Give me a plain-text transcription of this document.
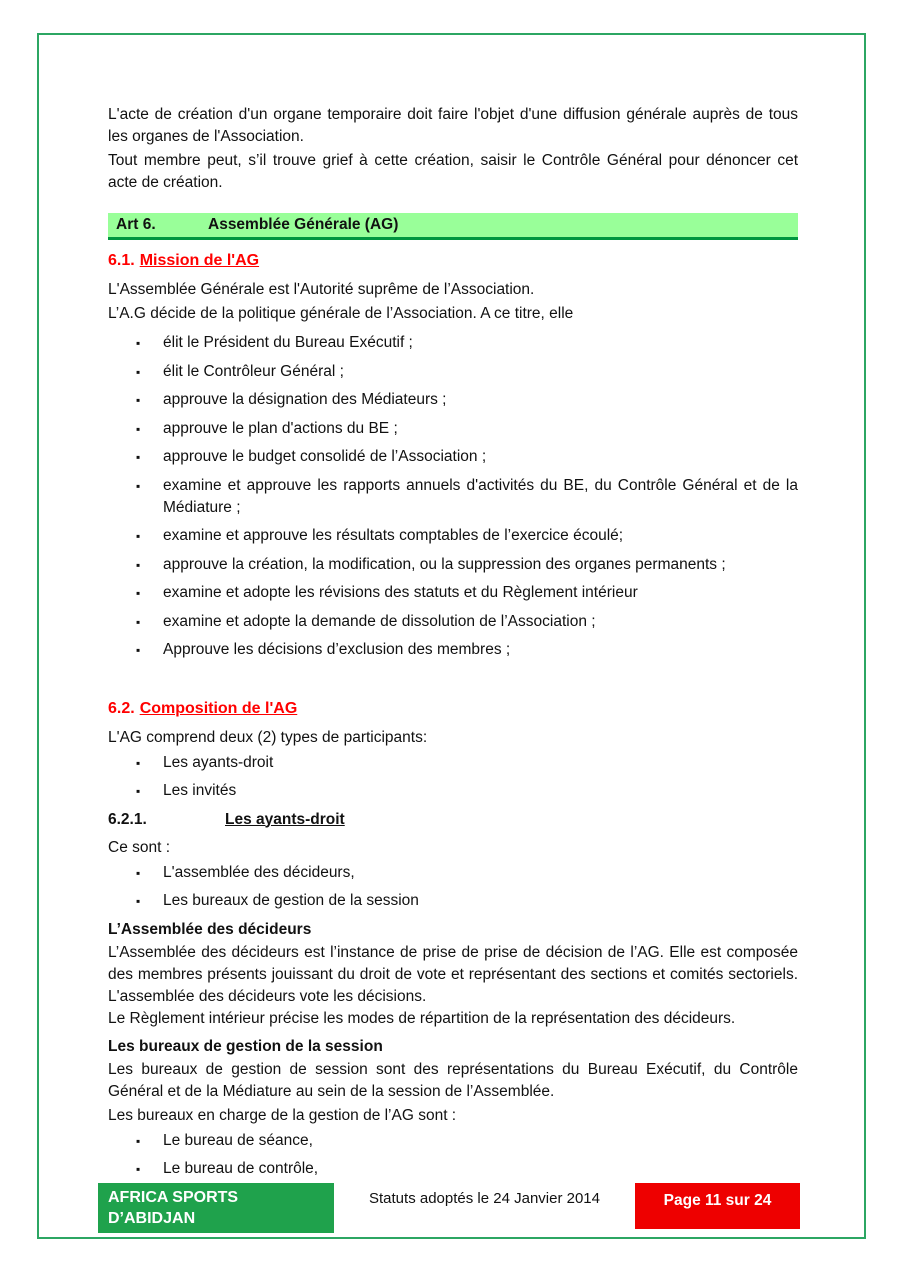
L'acte de création d'un organe temporaire doit faire l'objet d'une diffusion générale auprès de tous les organes de l'Association.

Tout membre peut, s’il trouve grief à cette création, saisir le Contrôle Général pour dénoncer cet acte de création.

Art 6.	Assemblée Générale (AG)
6.1. Mission de l'AG

L'Assemblée Générale est l'Autorité suprême de l’Association.

L’A.G décide de la politique générale de l’Association. A ce titre, elle

▪ élit le Président du Bureau Exécutif ;
▪ élit le Contrôleur Général ;
▪ approuve la désignation des Médiateurs ;
▪ approuve le plan d'actions du BE ;
▪ approuve le budget consolidé de l’Association ;
▪ examine et approuve les rapports annuels d'activités du BE, du Contrôle Général et de la Médiature ;
▪ examine et approuve les résultats comptables de l’exercice écoulé;
▪ approuve la création, la modification, ou la suppression des organes permanents ;
▪ examine et adopte les révisions des statuts et du Règlement intérieur
▪ examine et adopte la demande de dissolution de l’Association ;
▪ Approuve les décisions d’exclusion des membres ;
6.2. Composition de l'AG

L'AG comprend deux (2) types de participants:

▪ Les ayants-droit
▪ Les invités
6.2.1.	Les ayants-droit

Ce sont :

▪ L'assemblée des décideurs,
▪ Les bureaux de gestion de la session
L’Assemblée des décideurs

L’Assemblée des décideurs est l’instance de prise de prise de décision de l’AG. Elle est composée des membres présents jouissant du droit de vote et représentant des sections et comités sectoriels. L'assemblée des décideurs vote les décisions.

Le Règlement intérieur précise les modes de répartition de la représentation des décideurs.

Les bureaux de gestion de la session

Les bureaux de gestion de session sont des représentations du Bureau Exécutif, du Contrôle Général et de la Médiature au sein de la session de l’Assemblée.

Les bureaux en charge de la gestion de l’AG sont :

▪ Le bureau de séance,
▪ Le bureau de contrôle,
AFRICA SPORTS
D’ABIDJAN
Statuts adoptés le 24 Janvier 2014	Page 11 sur 24
